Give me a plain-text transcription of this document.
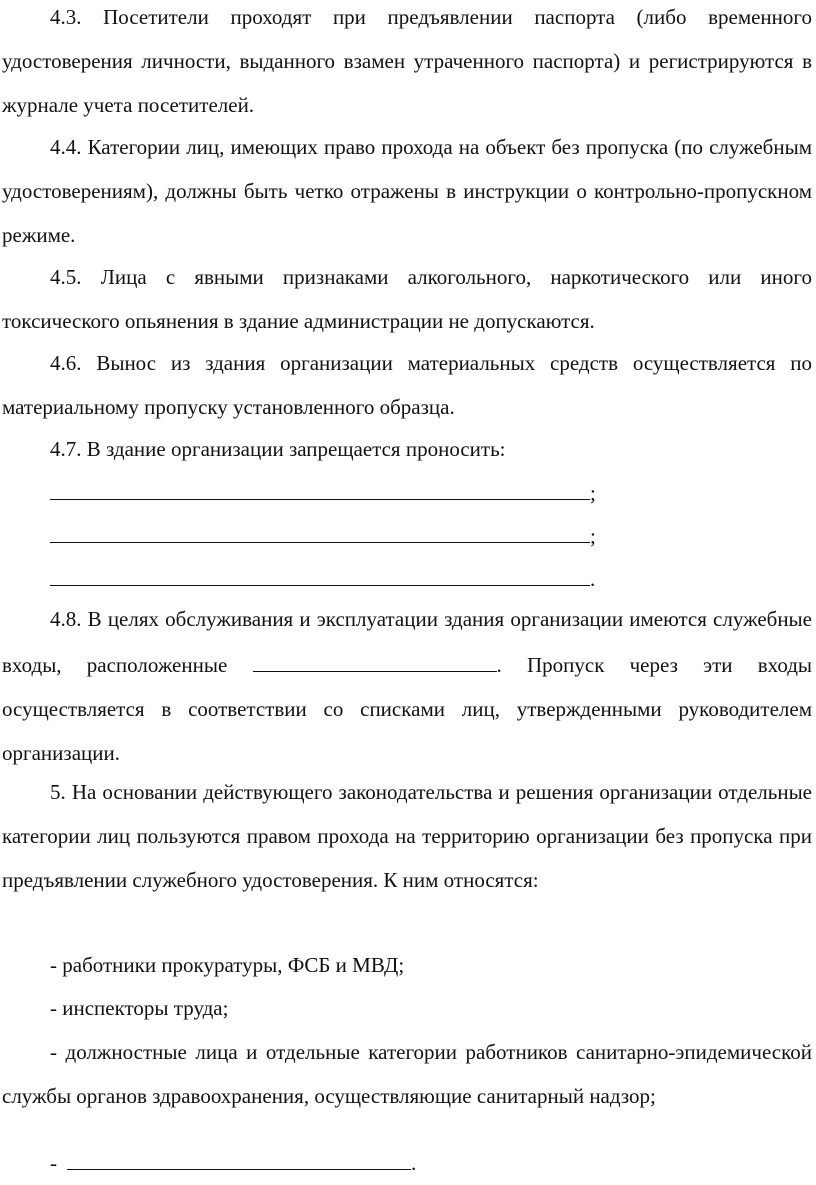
4.3. Посетители проходят при предъявлении паспорта (либо временного удостоверения личности, выданного взамен утраченного паспорта) и регистрируются в журнале учета посетителей.

4.4. Категории лиц, имеющих право прохода на объект без пропуска (по служебным удостоверениям), должны быть четко отражены в инструкции о контрольно-пропускном режиме.

4.5. Лица с явными признаками алкогольного, наркотического или иного токсического опьянения в здание администрации не допускаются.

4.6. Вынос из здания организации материальных средств осуществляется по материальному пропуску установленного образца.

4.7. В здание организации запрещается проносить:

;
;
.

4.8. В целях обслуживания и эксплуатации здания организации имеются служебные входы, расположенные	. Пропуск через эти входы осуществляется в соответствии со списками лиц, утвержденными руководителем организации.

5. На основании действующего законодательства и решения организации отдельные категории лиц пользуются правом прохода на территорию организации без пропуска при предъявлении служебного удостоверения. К ним относятся:

- работники прокуратуры, ФСБ и МВД;

- инспекторы труда;

- должностные лица и отдельные категории работников санитарно-эпидемической службы органов здравоохранения, осуществляющие санитарный надзор;

-	.
